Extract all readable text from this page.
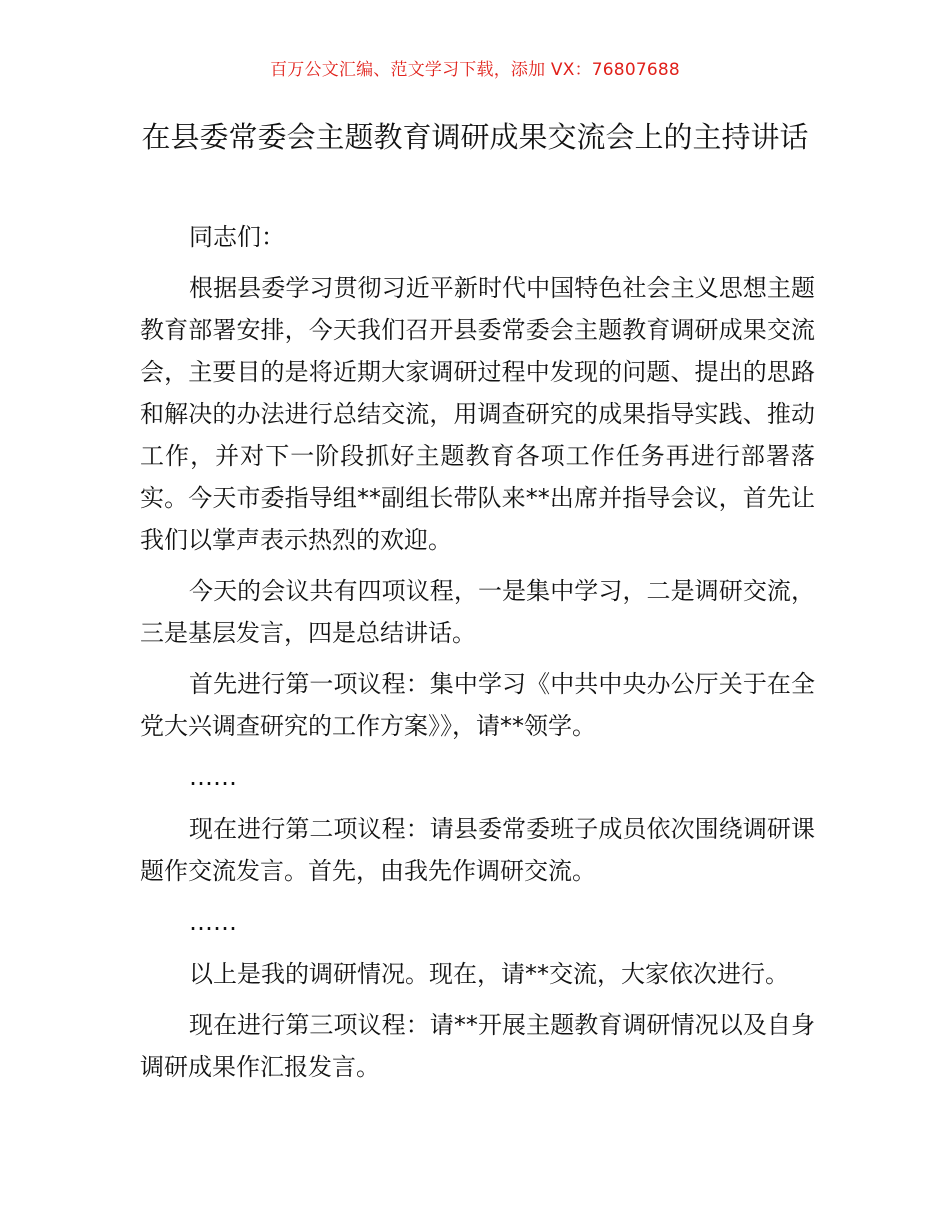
百万公文汇编、范文学习下载，添加 VX：76807688
在县委常委会主题教育调研成果交流会上的主持讲话

同志们：

根据县委学习贯彻习近平新时代中国特色社会主义思想主题教育部署安排，今天我们召开县委常委会主题教育调研成果交流会，主要目的是将近期大家调研过程中发现的问题、提出的思路和解决的办法进行总结交流，用调查研究的成果指导实践、推动工作，并对下一阶段抓好主题教育各项工作任务再进行部署落实。今天市委指导组**副组长带队来**出席并指导会议，首先让我们以掌声表示热烈的欢迎。

今天的会议共有四项议程，一是集中学习，二是调研交流，三是基层发言，四是总结讲话。

首先进行第一项议程：集中学习《中共中央办公厅关于在全党大兴调查研究的工作方案》》，请**领学。

……

现在进行第二项议程：请县委常委班子成员依次围绕调研课题作交流发言。首先，由我先作调研交流。

……

以上是我的调研情况。现在，请**交流，大家依次进行。

现在进行第三项议程：请**开展主题教育调研情况以及自身调研成果作汇报发言。
